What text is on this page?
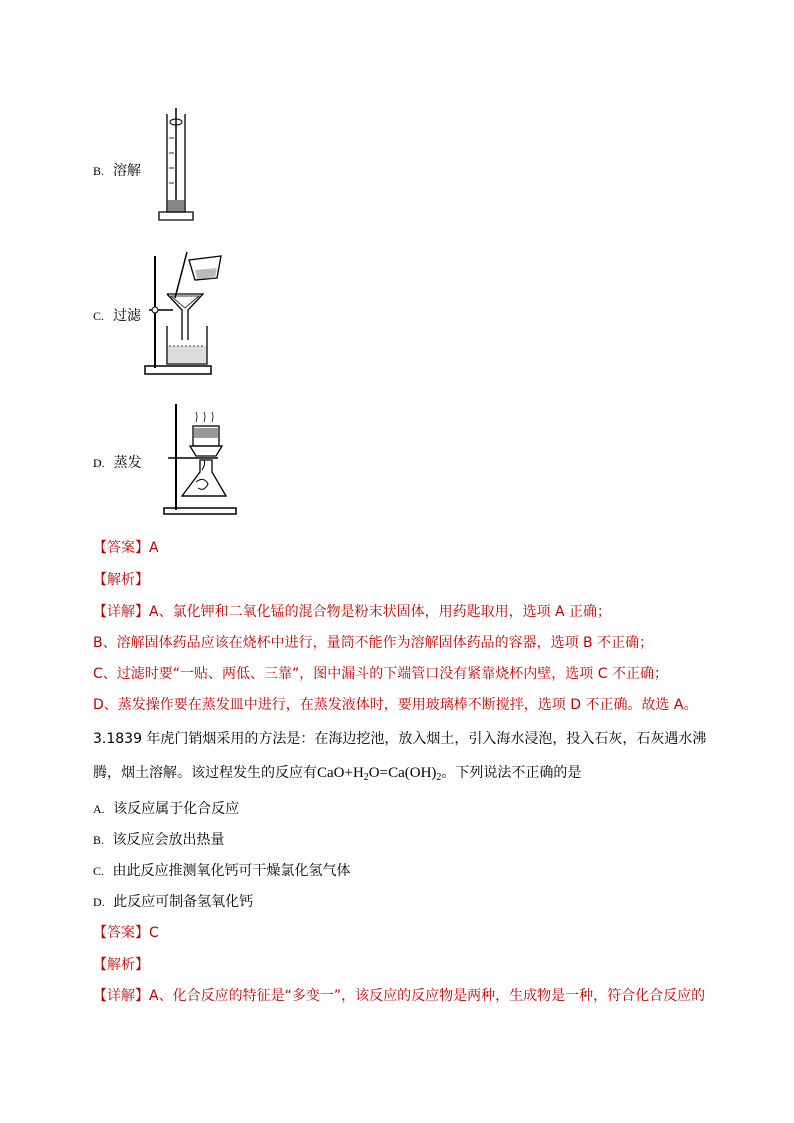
B. 溶解
C. 过滤
D. 蒸发
【答案】A
【解析】
【详解】A、氯化钾和二氧化锰的混合物是粉末状固体，用药匙取用，选项 A 正确；
B、溶解固体药品应该在烧杯中进行，量筒不能作为溶解固体药品的容器，选项 B 不正确；
C、过滤时要“一贴、两低、三靠”，图中漏斗的下端管口没有紧靠烧杯内壁，选项 C 不正确；
D、蒸发操作要在蒸发皿中进行，在蒸发液体时，要用玻璃棒不断搅拌，选项 D 不正确。故选 A。
3.1839 年虎门销烟采用的方法是：在海边挖池，放入烟土，引入海水浸泡，投入石灰，石灰遇水沸
腾，烟土溶解。该过程发生的反应有$CaO+H_2O=Ca(OH)_2$。下列说法不正确的是
A. 该反应属于化合反应
B. 该反应会放出热量
C. 由此反应推测氧化钙可干燥氯化氢气体
D. 此反应可制备氢氧化钙
【答案】C
【解析】
【详解】A、化合反应的特征是“多变一”，该反应的反应物是两种，生成物是一种，符合化合反应的
